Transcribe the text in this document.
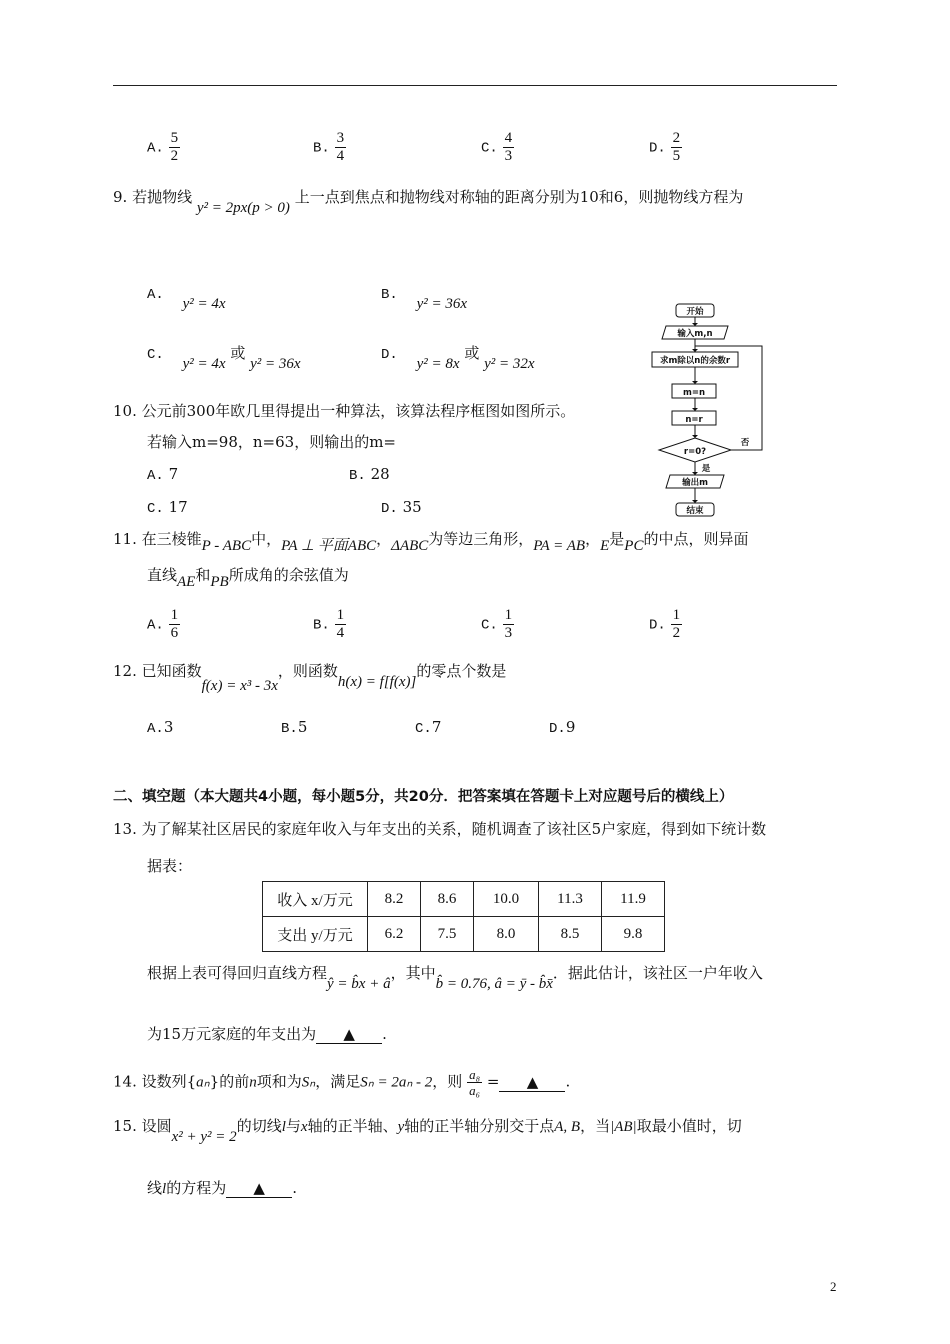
A. $\frac{5}{2}$	B. $\frac{3}{4}$	C. $\frac{4}{3}$	D. $\frac{2}{5}$
9. 若抛物线 y² = 2px(p > 0) 上一点到焦点和抛物线对称轴的距离分别为10和6，则抛物线方程为
A. y² = 4x
B. y² = 36x
C. y² = 4x 或 y² = 36x
D. y² = 8x 或 y² = 32x
10. 公元前300年欧几里得提出一种算法，该算法程序框图如图所示。
若输入m=98，n=63，则输出的m=
A. 7	B. 28
C. 17	D. 35
开始
输入m,n
求m除以n的余数r
m=n
n=r
r=0?
否
是
输出m
结束
11. 在三棱锥P - ABC中，PA ⊥ 平面ABC，ΔABC为等边三角形，PA = AB，E是PC的中点，则异面
直线AE和PB所成角的余弦值为
A. $\frac{1}{6}$	B. $\frac{1}{4}$	C. $\frac{1}{3}$	D. $\frac{1}{2}$
12. 已知函数f(x) = x³ - 3x，则函数h(x) = f[f(x)]的零点个数是
A.3	B.5	C.7	D.9
二、填空题（本大题共4小题，每小题5分，共20分．把答案填在答题卡上对应题号后的横线上）
13. 为了解某社区居民的家庭年收入与年支出的关系，随机调查了该社区5户家庭，得到如下统计数
据表：
收入 x/万元	8.2	8.6	10.0	11.3	11.9
支出 y/万元	6.2	7.5	8.0	8.5	9.8
根据上表可得回归直线方程ŷ = b̂x + â，其中b̂ = 0.76, â = ȳ - b̂x̄．据此估计，该社区一户年收入
为15万元家庭的年支出为 ▲ .
14. 设数列{aₙ}的前n项和为Sₙ，满足Sₙ = 2aₙ - 2，则 $\frac{\text{a₈}}{\text{a₆}}$ = ▲ .
15. 设圆x² + y² = 2的切线l与x轴的正半轴、y轴的正半轴分别交于点A, B，当|AB|取最小值时，切
线l的方程为 ▲ .
2
